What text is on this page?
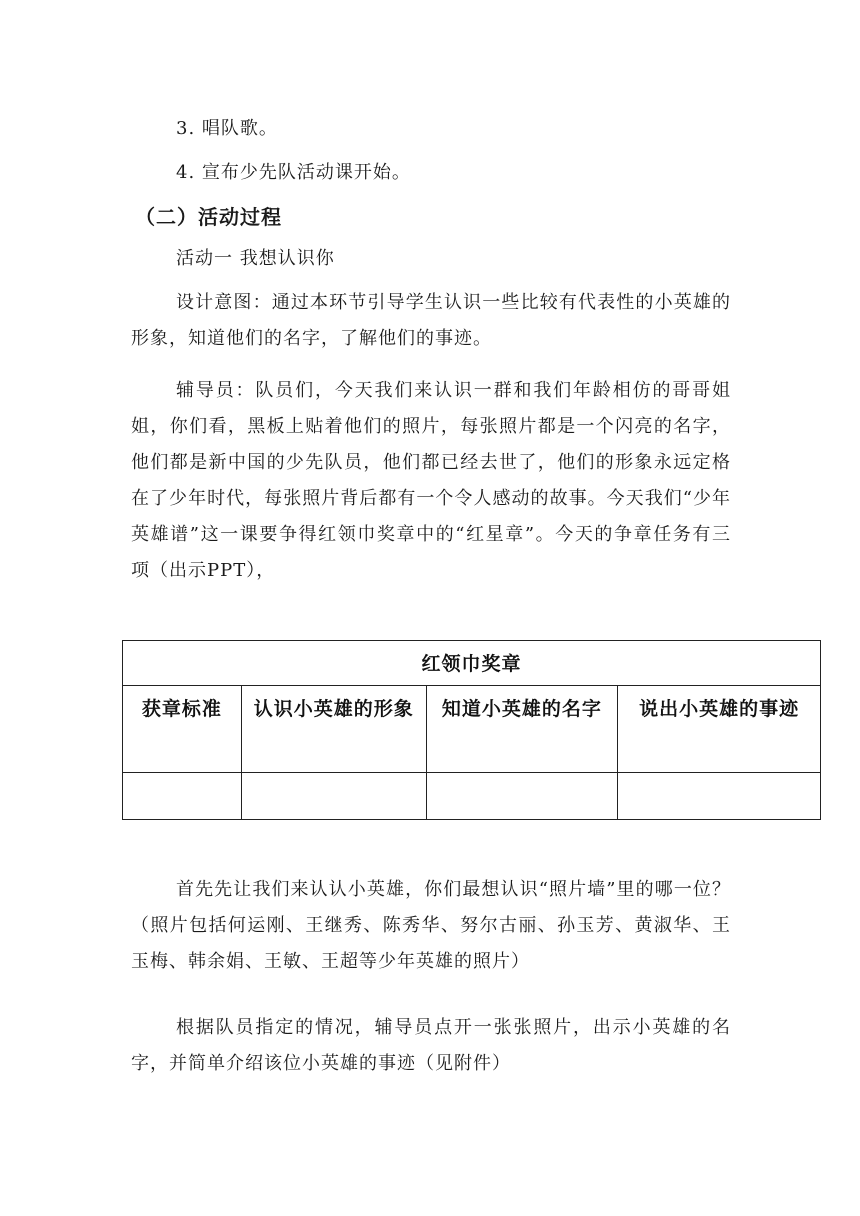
3. 唱队歌。

4. 宣布少先队活动课开始。

（二）活动过程

活动一 我想认识你

设计意图：通过本环节引导学生认识一些比较有代表性的小英雄的形象，知道他们的名字，了解他们的事迹。

辅导员：队员们，今天我们来认识一群和我们年龄相仿的哥哥姐姐，你们看，黑板上贴着他们的照片，每张照片都是一个闪亮的名字，他们都是新中国的少先队员，他们都已经去世了，他们的形象永远定格在了少年时代，每张照片背后都有一个令人感动的故事。今天我们“少年英雄谱”这一课要争得红领巾奖章中的“红星章”。今天的争章任务有三项（出示PPT），

红领巾奖章			
获章标准	认识小英雄的形象	知道小英雄的名字	说出小英雄的事迹

首先先让我们来认认小英雄，你们最想认识“照片墙”里的哪一位？（照片包括何运刚、王继秀、陈秀华、努尔古丽、孙玉芳、黄淑华、王玉梅、韩余娟、王敏、王超等少年英雄的照片）

根据队员指定的情况，辅导员点开一张张照片，出示小英雄的名字，并简单介绍该位小英雄的事迹（见附件）
